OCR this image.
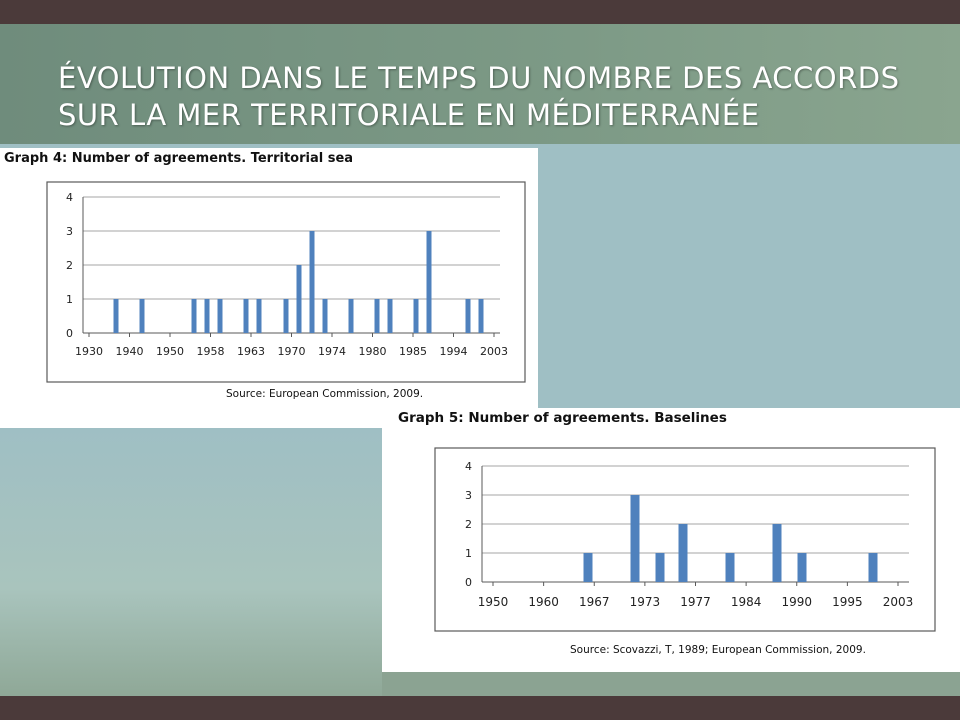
ÉVOLUTION DANS LE TEMPS DU NOMBRE DES ACCORDS
SUR LA MER TERRITORIALE EN MÉDITERRANÉE

Graph 4: Number of agreements. Territorial sea

0
1
2
3
4
1930 1940 1950 1958 1963 1970 1974 1980 1985 1994 2003

Source: European Commission, 2009.

Graph 5: Number of agreements. Baselines

0
1
2
3
4
1950 1960 1967 1973 1977 1984 1990 1995 2003

Source: Scovazzi, T, 1989; European Commission, 2009.
